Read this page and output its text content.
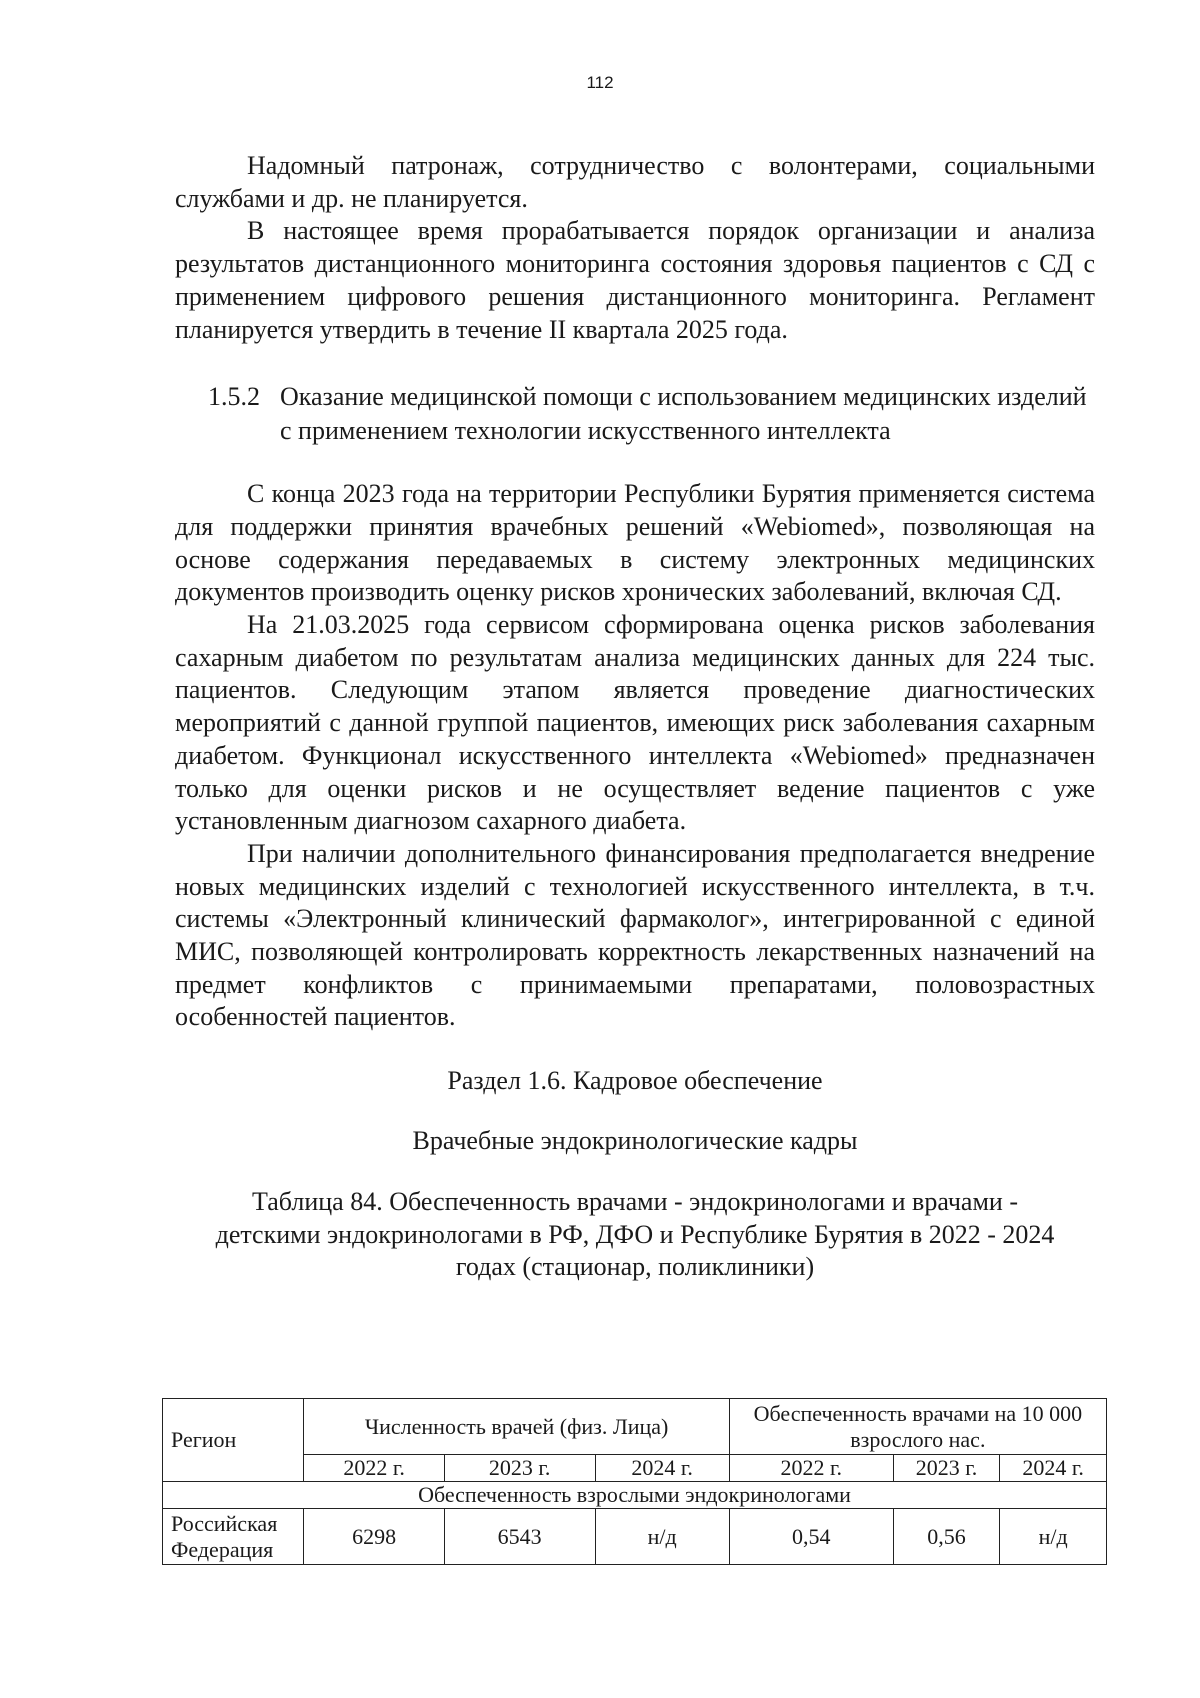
112

Надомный патронаж, сотрудничество с волонтерами, социальными службами и др. не планируется.

В настоящее время прорабатывается порядок организации и анализа результатов дистанционного мониторинга состояния здоровья пациентов с СД с применением цифрового решения дистанционного мониторинга. Регламент планируется утвердить в течение II квартала 2025 года.

1.5.2 Оказание медицинской помощи с использованием медицинских изделий с применением технологии искусственного интеллекта

С конца 2023 года на территории Республики Бурятия применяется система для поддержки принятия врачебных решений «Webiomed», позволяющая на основе содержания передаваемых в систему электронных медицинских документов производить оценку рисков хронических заболеваний, включая СД.

На 21.03.2025 года сервисом сформирована оценка рисков заболевания сахарным диабетом по результатам анализа медицинских данных для 224 тыс. пациентов. Следующим этапом является проведение диагностических мероприятий с данной группой пациентов, имеющих риск заболевания сахарным диабетом. Функционал искусственного интеллекта «Webiomed» предназначен только для оценки рисков и не осуществляет ведение пациентов с уже установленным диагнозом сахарного диабета.

При наличии дополнительного финансирования предполагается внедрение новых медицинских изделий с технологией искусственного интеллекта, в т.ч. системы «Электронный клинический фармаколог», интегрированной с единой МИС, позволяющей контролировать корректность лекарственных назначений на предмет конфликтов с принимаемыми препаратами, половозрастных особенностей пациентов.

Раздел 1.6. Кадровое обеспечение
Врачебные эндокринологические кадры
Таблица 84. Обеспеченность врачами - эндокринологами и врачами - детскими эндокринологами в РФ, ДФО и Республике Бурятия в 2022 - 2024 годах (стационар, поликлиники)
Регион	Численность врачей (физ. Лица)			Обеспеченность врачами на 10 000 взрослого нас.		
	2022 г.	2023 г.	2024 г.	2022 г.	2023 г.	2024 г.
Обеспеченность взрослыми эндокринологами						
Российская Федерация	6298	6543	н/д	0,54	0,56	н/д
